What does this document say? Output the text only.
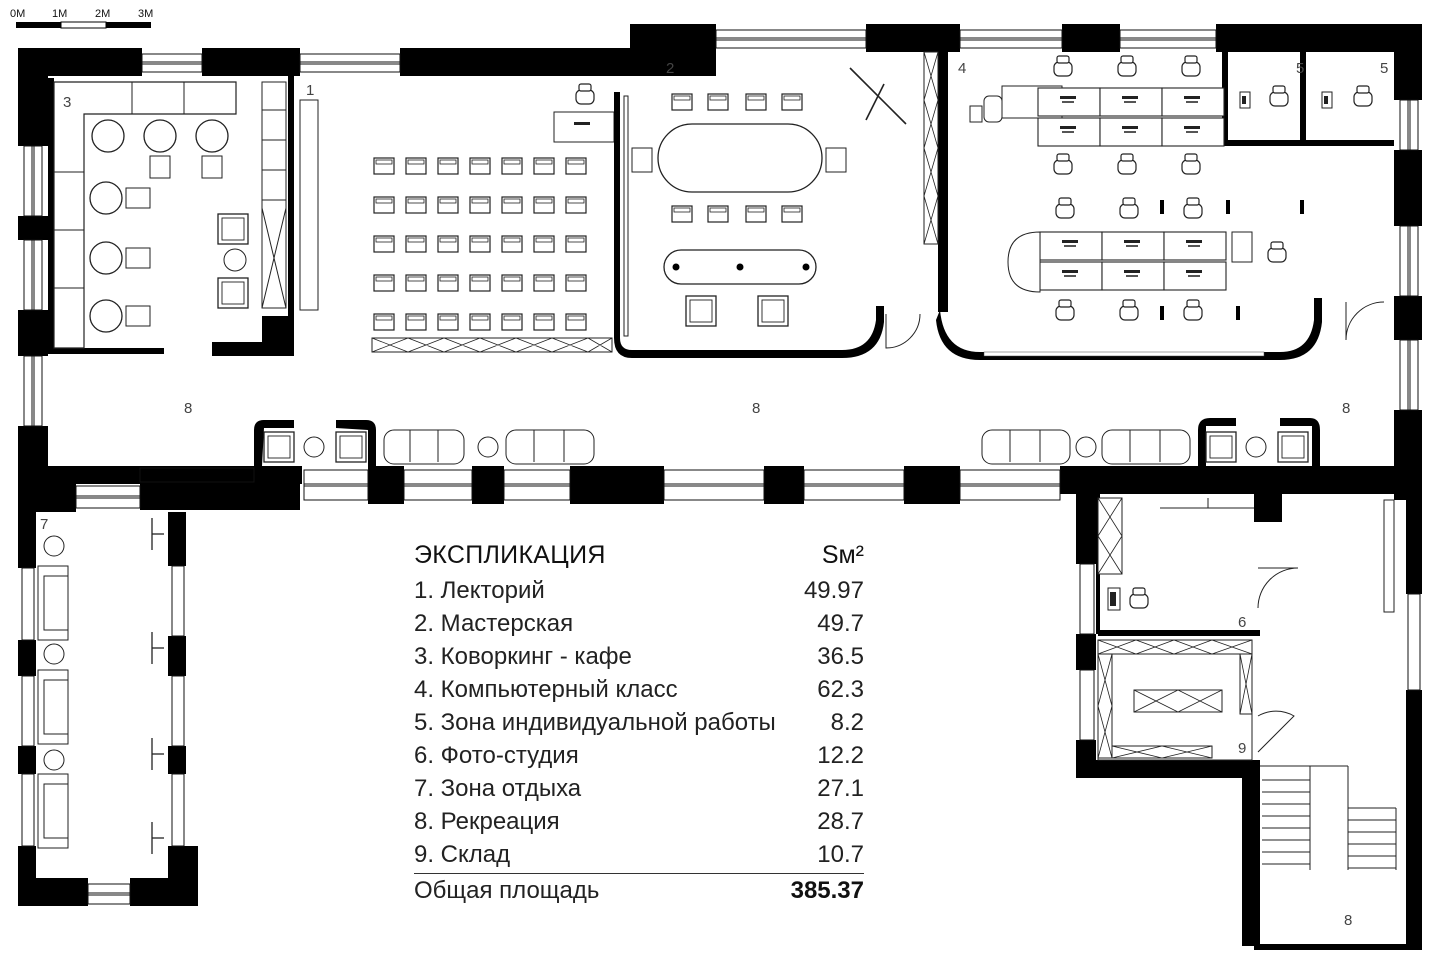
0M 1M	2M	3M
1
2
3
4	5	5
6
7
8	8	8
8
9
ЭКСПЛИКАЦИЯ	Sм²
1. Лекторий	49.97
2. Мастерская	49.7
3. Коворкинг - кафе	36.5
4. Компьютерный класс	62.3
5. Зона индивидуальной работы 8.2
6. Фото-студия	12.2
7. Зона отдыха	27.1
8. Рекреация	28.7
9. Склад	10.7
Общая площадь	385.37
